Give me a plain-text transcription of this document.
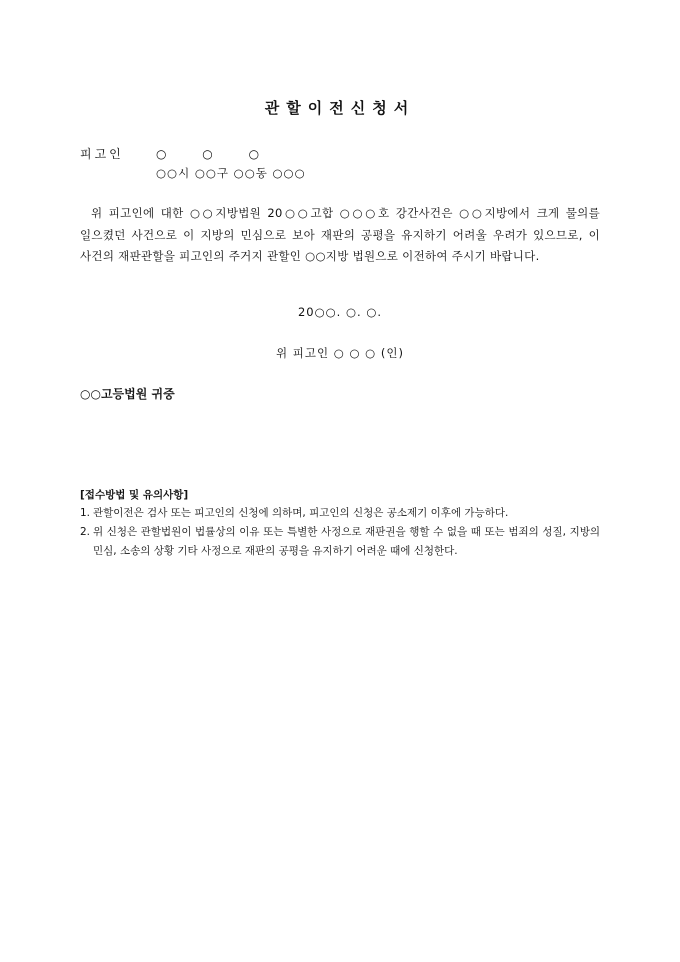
관할이전신청서
피고인	○ ○ ○
○○시 ○○구 ○○동 ○○○
위 피고인에 대한 ○○지방법원 20○○고합 ○○○호 강간사건은 ○○지방에서 크게 물의를 일으켰던 사건으로 이 지방의 민심으로 보아 재판의 공평을 유지하기 어려울 우려가 있으므로, 이 사건의 재판관할을 피고인의 주거지 관할인 ○○지방 법원으로 이전하여 주시기 바랍니다.
20○○. ○. ○.
위 피고인 ○ ○ ○ (인)
○○고등법원 귀중
[접수방법 및 유의사항]
1. 관할이전은 검사 또는 피고인의 신청에 의하며, 피고인의 신청은 공소제기 이후에 가능하다.
2. 위 신청은 관할법원이 법률상의 이유 또는 특별한 사정으로 재판권을 행할 수 없을 때 또는 범죄의 성질, 지방의 민심, 소송의 상황 기타 사정으로 재판의 공평을 유지하기 어려운 때에 신청한다.
